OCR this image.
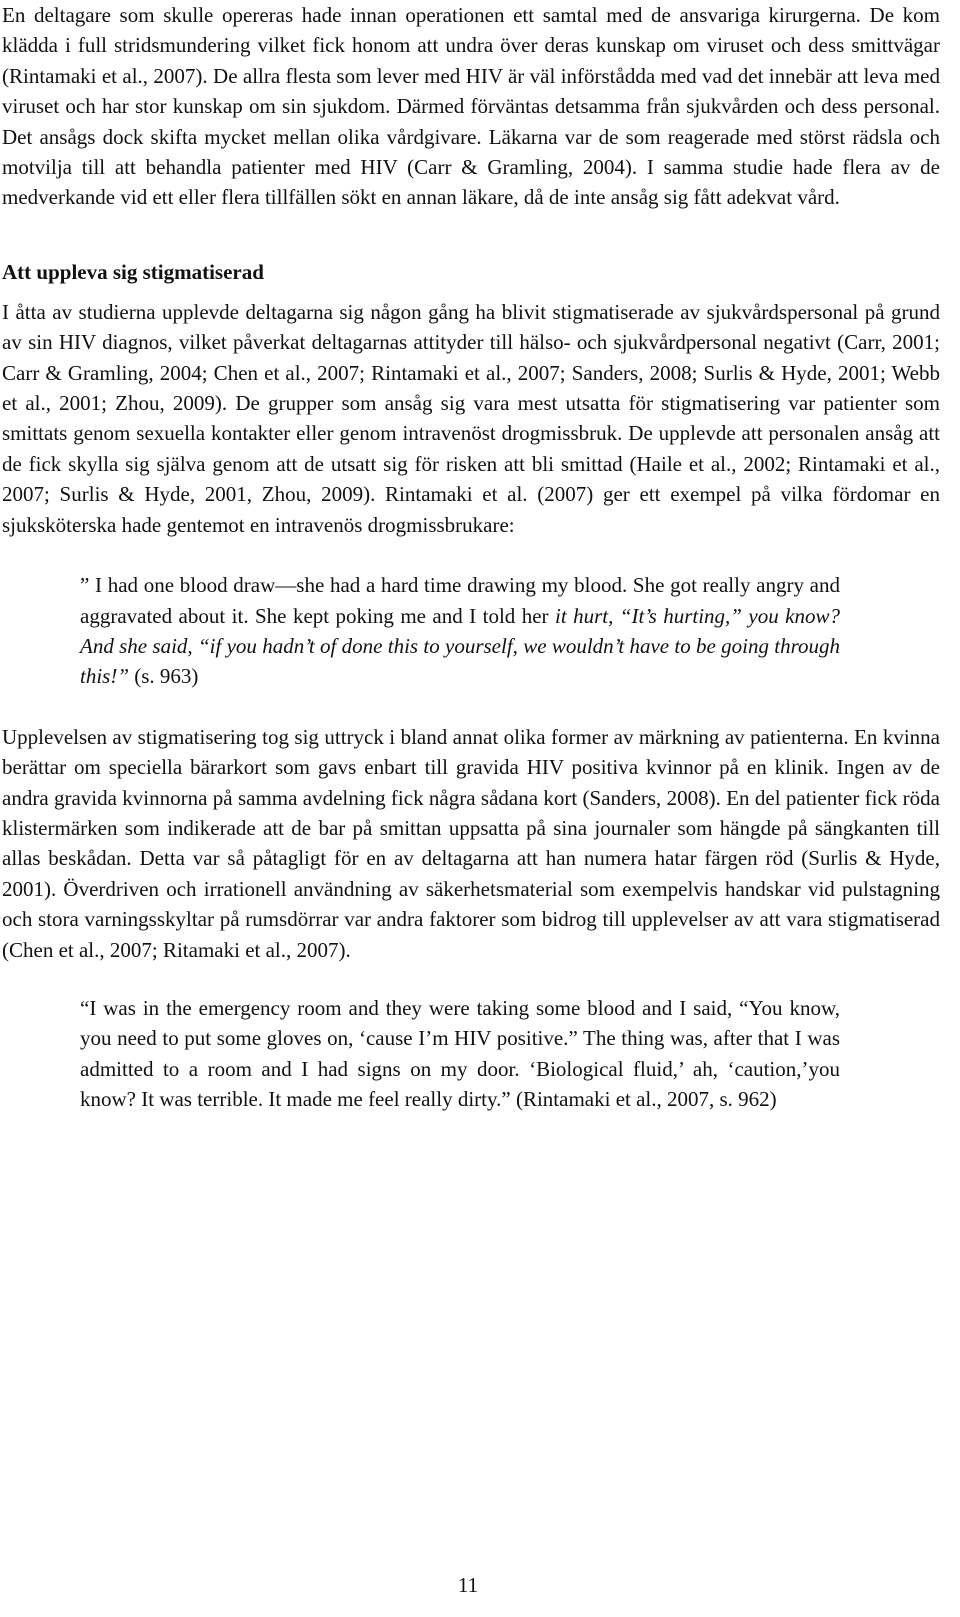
En deltagare som skulle opereras hade innan operationen ett samtal med de ansvariga kirurgerna. De kom klädda i full stridsmundering vilket fick honom att undra över deras kunskap om viruset och dess smittvägar (Rintamaki et al., 2007). De allra flesta som lever med HIV är väl införstådda med vad det innebär att leva med viruset och har stor kunskap om sin sjukdom. Därmed förväntas detsamma från sjukvården och dess personal. Det ansågs dock skifta mycket mellan olika vårdgivare. Läkarna var de som reagerade med störst rädsla och motvilja till att behandla patienter med HIV (Carr & Gramling, 2004). I samma studie hade flera av de medverkande vid ett eller flera tillfällen sökt en annan läkare, då de inte ansåg sig fått adekvat vård.

Att uppleva sig stigmatiserad

I åtta av studierna upplevde deltagarna sig någon gång ha blivit stigmatiserade av sjukvårdspersonal på grund av sin HIV diagnos, vilket påverkat deltagarnas attityder till hälso- och sjukvårdpersonal negativt (Carr, 2001; Carr & Gramling, 2004; Chen et al., 2007; Rintamaki et al., 2007; Sanders, 2008; Surlis & Hyde, 2001; Webb et al., 2001; Zhou, 2009). De grupper som ansåg sig vara mest utsatta för stigmatisering var patienter som smittats genom sexuella kontakter eller genom intravenöst drogmissbruk. De upplevde att personalen ansåg att de fick skylla sig själva genom att de utsatt sig för risken att bli smittad (Haile et al., 2002; Rintamaki et al., 2007; Surlis & Hyde, 2001, Zhou, 2009). Rintamaki et al. (2007) ger ett exempel på vilka fördomar en sjuksköterska hade gentemot en intravenös drogmissbrukare:

” I had one blood draw—she had a hard time drawing my blood. She got really angry and aggravated about it. She kept poking me and I told her it hurt, “It’s hurting,” you know? And she said, “if you hadn’t of done this to yourself, we wouldn’t have to be going through this!” (s. 963)

Upplevelsen av stigmatisering tog sig uttryck i bland annat olika former av märkning av patienterna. En kvinna berättar om speciella bärarkort som gavs enbart till gravida HIV positiva kvinnor på en klinik. Ingen av de andra gravida kvinnorna på samma avdelning fick några sådana kort (Sanders, 2008). En del patienter fick röda klistermärken som indikerade att de bar på smittan uppsatta på sina journaler som hängde på sängkanten till allas beskådan. Detta var så påtagligt för en av deltagarna att han numera hatar färgen röd (Surlis & Hyde, 2001). Överdriven och irrationell användning av säkerhetsmaterial som exempelvis handskar vid pulstagning och stora varningsskyltar på rumsdörrar var andra faktorer som bidrog till upplevelser av att vara stigmatiserad (Chen et al., 2007; Ritamaki et al., 2007).

“I was in the emergency room and they were taking some blood and I said, “You know, you need to put some gloves on, ‘cause I’m HIV positive.” The thing was, after that I was admitted to a room and I had signs on my door. ‘Biological fluid,’ ah, ‘caution,’you know? It was terrible. It made me feel really dirty.” (Rintamaki et al., 2007, s. 962)

11
